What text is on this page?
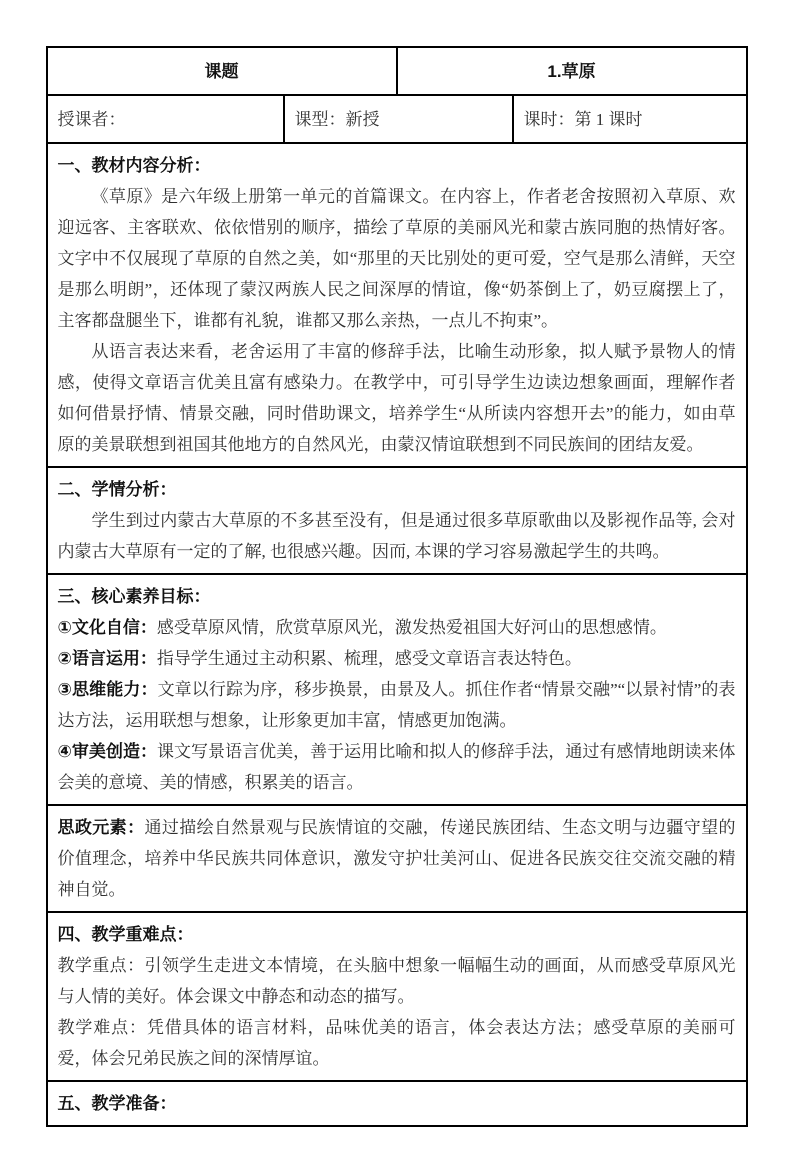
课题		1.草原	
授课者：	课型：新授		课时：第 1 课时

一、教材内容分析：

《草原》是六年级上册第一单元的首篇课文。在内容上，作者老舍按照初入草原、欢迎远客、主客联欢、依依惜别的顺序，描绘了草原的美丽风光和蒙古族同胞的热情好客。文字中不仅展现了草原的自然之美，如“那里的天比别处的更可爱，空气是那么清鲜，天空是那么明朗”，还体现了蒙汉两族人民之间深厚的情谊，像“奶茶倒上了，奶豆腐摆上了，主客都盘腿坐下，谁都有礼貌，谁都又那么亲热，一点儿不拘束”。

从语言表达来看，老舍运用了丰富的修辞手法，比喻生动形象，拟人赋予景物人的情感，使得文章语言优美且富有感染力。在教学中，可引导学生边读边想象画面，理解作者如何借景抒情、情景交融，同时借助课文，培养学生“从所读内容想开去”的能力，如由草原的美景联想到祖国其他地方的自然风光，由蒙汉情谊联想到不同民族间的团结友爱。			

二、学情分析：

学生到过内蒙古大草原的不多甚至没有，但是通过很多草原歌曲以及影视作品等, 会对内蒙古大草原有一定的了解, 也很感兴趣。因而, 本课的学习容易激起学生的共鸣。			

三、核心素养目标：

①文化自信：感受草原风情，欣赏草原风光，激发热爱祖国大好河山的思想感情。

②语言运用：指导学生通过主动积累、梳理，感受文章语言表达特色。

③思维能力：文章以行踪为序，移步换景，由景及人。抓住作者“情景交融”“以景衬情”的表达方法，运用联想与想象，让形象更加丰富，情感更加饱满。

④审美创造：课文写景语言优美，善于运用比喻和拟人的修辞手法，通过有感情地朗读来体会美的意境、美的情感，积累美的语言。			

思政元素：通过描绘自然景观与民族情谊的交融，传递民族团结、生态文明与边疆守望的价值理念，培养中华民族共同体意识，激发守护壮美河山、促进各民族交往交流交融的精神自觉。			

四、教学重难点：

教学重点：引领学生走进文本情境，在头脑中想象一幅幅生动的画面，从而感受草原风光与人情的美好。体会课文中静态和动态的描写。

教学难点：凭借具体的语言材料，品味优美的语言，体会表达方法；感受草原的美丽可爱，体会兄弟民族之间的深情厚谊。			

五、教学准备：			
